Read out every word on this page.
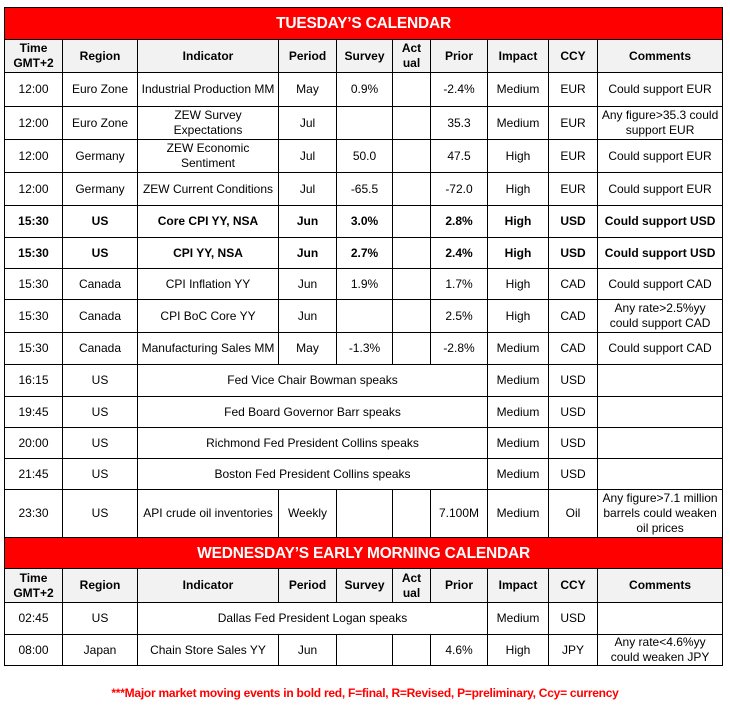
TUESDAY’S CALENDAR									
Time GMT+2	Region	Indicator	Period	Survey	Actual	Prior	Impact	CCY	Comments
12:00	Euro Zone	Industrial Production MM	May	0.9%		-2.4%	Medium	EUR	Could support EUR
12:00	Euro Zone	ZEW Survey Expectations	Jul			35.3	Medium	EUR	Any figure>35.3 could support EUR
12:00	Germany	ZEW Economic Sentiment	Jul	50.0		47.5	High	EUR	Could support EUR
12:00	Germany	ZEW Current Conditions	Jul	-65.5		-72.0	High	EUR	Could support EUR
15:30	US	Core CPI YY, NSA	Jun	3.0%		2.8%	High	USD	Could support USD
15:30	US	CPI YY, NSA	Jun	2.7%		2.4%	High	USD	Could support USD
15:30	Canada	CPI Inflation YY	Jun	1.9%		1.7%	High	CAD	Could support CAD
15:30	Canada	CPI BoC Core YY	Jun			2.5%	High	CAD	Any rate>2.5%yy could support CAD
15:30	Canada	Manufacturing Sales MM	May	-1.3%		-2.8%	Medium	CAD	Could support CAD
16:15	US	Fed Vice Chair Bowman speaks					Medium	USD	
19:45	US	Fed Board Governor Barr speaks					Medium	USD	
20:00	US	Richmond Fed President Collins speaks					Medium	USD	
21:45	US	Boston Fed President Collins speaks					Medium	USD	
23:30	US	API crude oil inventories	Weekly			7.100M	Medium	Oil	Any figure>7.1 million barrels could weaken oil prices
WEDNESDAY’S EARLY MORNING CALENDAR									
Time GMT+2	Region	Indicator	Period	Survey	Actual	Prior	Impact	CCY	Comments
02:45	US	Dallas Fed President Logan speaks					Medium	USD	
08:00	Japan	Chain Store Sales YY	Jun			4.6%	High	JPY	Any rate<4.6%yy could weaken JPY
***Major market moving events in bold red, F=final, R=Revised, P=preliminary, Ccy= currency
